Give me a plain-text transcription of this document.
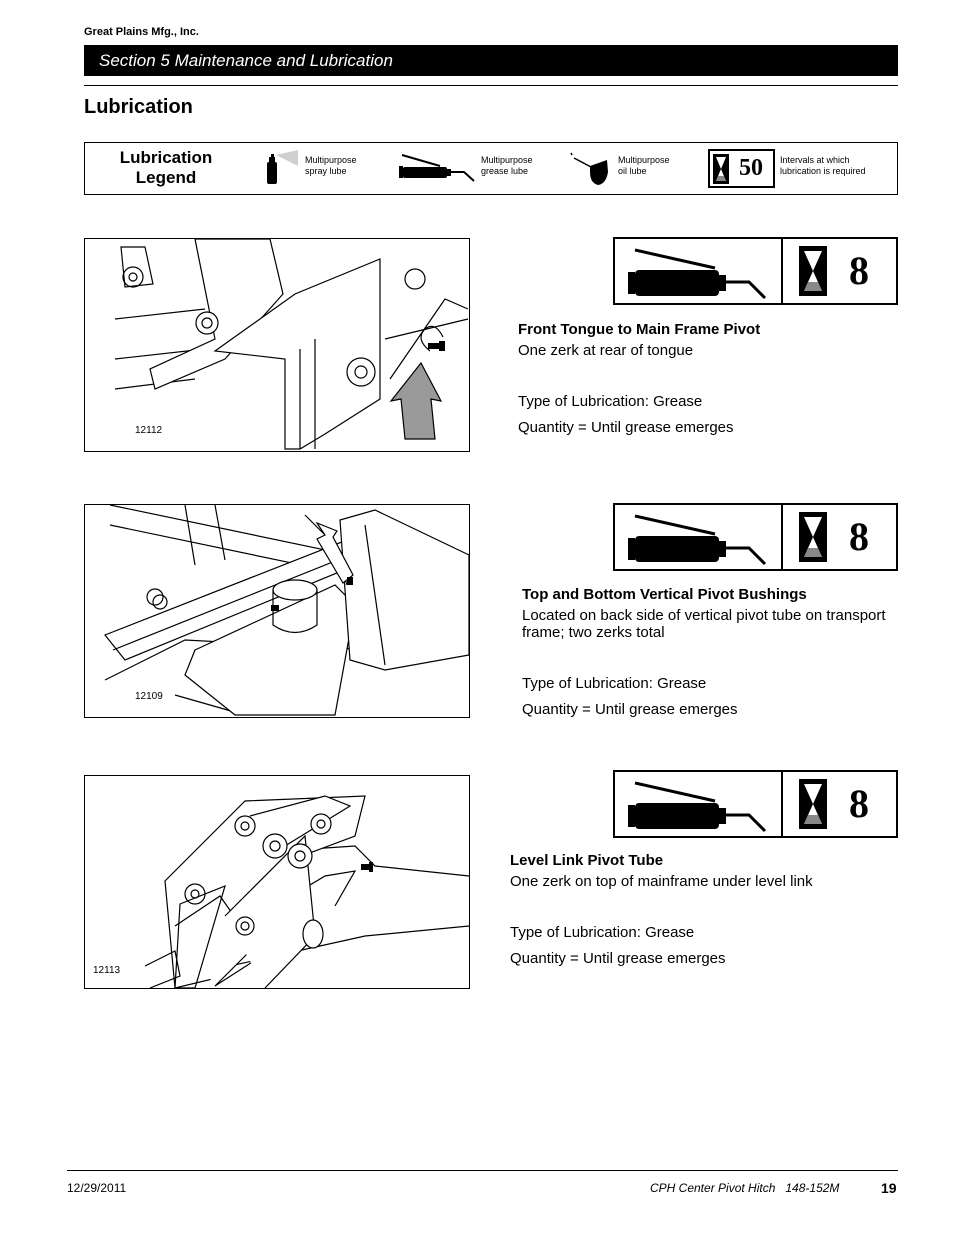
Great Plains Mfg., Inc.
Section 5 Maintenance and Lubrication
Lubrication
Lubrication
Legend
Multipurpose
spray lube
Multipurpose
grease lube
Multipurpose
oil lube	50 Intervals at which
lubrication is required
12112
8
Front Tongue to Main Frame Pivot
One zerk at rear of tongue
Type of Lubrication: Grease
Quantity = Until grease emerges
12109
8
Top and Bottom Vertical Pivot Bushings
Located on back side of vertical pivot tube on transport
frame; two zerks total
Type of Lubrication: Grease
Quantity = Until grease emerges
12113
8
Level Link Pivot Tube
One zerk on top of mainframe under level link
Type of Lubrication: Grease
Quantity = Until grease emerges
12/29/2011	CPH Center Pivot Hitch   148-152M	19
